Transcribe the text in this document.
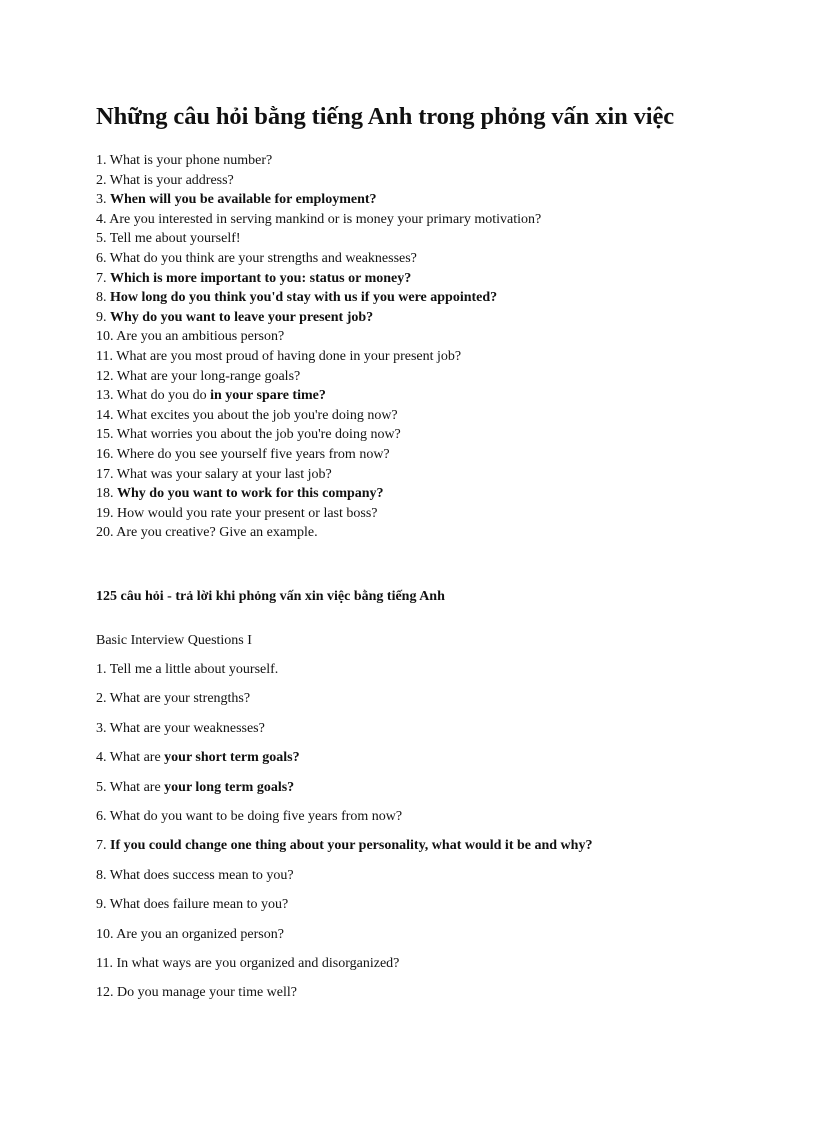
Những câu hỏi bằng tiếng Anh trong phỏng vấn xin việc
1. What is your phone number?
2. What is your address?
3. When will you be available for employment?
4. Are you interested in serving mankind or is money your primary motivation?
5. Tell me about yourself!
6. What do you think are your strengths and weaknesses?
7. Which is more important to you: status or money?
8. How long do you think you'd stay with us if you were appointed?
9. Why do you want to leave your present job?
10. Are you an ambitious person?
11. What are you most proud of having done in your present job?
12. What are your long-range goals?
13. What do you do in your spare time?
14. What excites you about the job you're doing now?
15. What worries you about the job you're doing now?
16. Where do you see yourself five years from now?
17. What was your salary at your last job?
18. Why do you want to work for this company?
19. How would you rate your present or last boss?
20. Are you creative? Give an example.
125 câu hỏi - trả lời khi phỏng vấn xin việc bằng tiếng Anh
Basic Interview Questions I
1. Tell me a little about yourself.
2. What are your strengths?
3. What are your weaknesses?
4. What are your short term goals?
5. What are your long term goals?
6. What do you want to be doing five years from now?
7. If you could change one thing about your personality, what would it be and why?
8. What does success mean to you?
9. What does failure mean to you?
10. Are you an organized person?
11. In what ways are you organized and disorganized?
12. Do you manage your time well?
